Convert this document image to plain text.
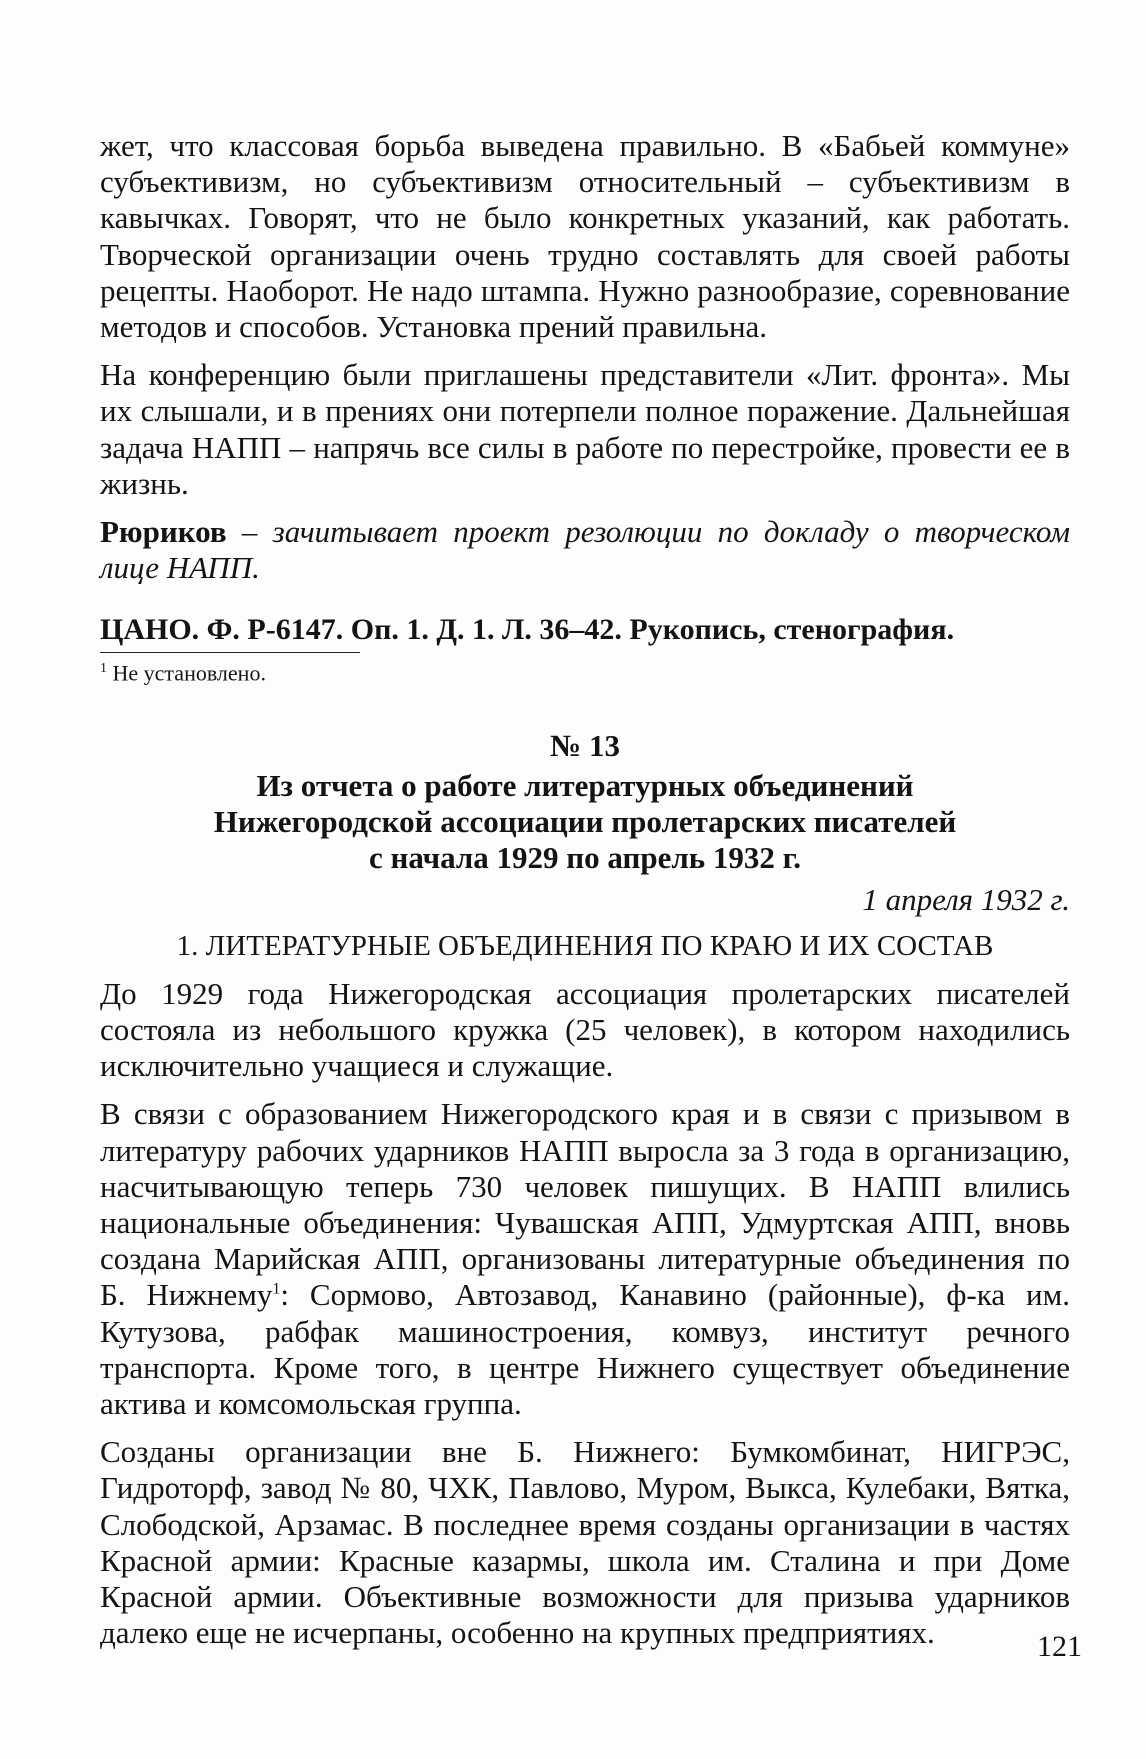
жет, что классовая борьба выведена правильно. В «Бабьей коммуне» субъективизм, но субъективизм относительный – субъективизм в кавычках. Говорят, что не было конкретных указаний, как работать. Творческой организации очень трудно составлять для своей работы рецепты. Наоборот. Не надо штампа. Нужно разнообразие, соревнование методов и способов. Установка прений правильна.

На конференцию были приглашены представители «Лит. фронта». Мы их слышали, и в прениях они потерпели полное поражение. Дальнейшая задача НАПП – напрячь все силы в работе по перестройке, провести ее в жизнь.

Рюриков – зачитывает проект резолюции по докладу о творческом лице НАПП.

ЦАНО. Ф. Р-6147. Оп. 1. Д. 1. Л. 36–42. Рукопись, стенография.

$^1$ Не установлено.

№ 13

Из отчета о работе литературных объединений

Нижегородской ассоциации пролетарских писателей

с начала 1929 по апрель 1932 г.

1 апреля 1932 г.

1. ЛИТЕРАТУРНЫЕ ОБЪЕДИНЕНИЯ ПО КРАЮ И ИХ СОСТАВ

До 1929 года Нижегородская ассоциация пролетарских писателей состояла из небольшого кружка (25 человек), в котором находились исключительно учащиеся и служащие.

В связи с образованием Нижегородского края и в связи с призывом в литературу рабочих ударников НАПП выросла за 3 года в организацию, насчитывающую теперь 730 человек пишущих. В НАПП влились национальные объединения: Чувашская АПП, Удмуртская АПП, вновь создана Марийская АПП, организованы литературные объединения по Б. Нижнему$^1$: Сормово, Автозавод, Канавино (районные), ф-ка им. Кутузова, рабфак машиностроения, комвуз, институт речного транспорта. Кроме того, в центре Нижнего существует объединение актива и комсомольская группа.

Созданы организации вне Б. Нижнего: Бумкомбинат, НИГРЭС, Гидроторф, завод № 80, ЧХК, Павлово, Муром, Выкса, Кулебаки, Вятка, Слободской, Арзамас. В последнее время созданы организации в частях Красной армии: Красные казармы, школа им. Сталина и при Доме Красной армии. Объективные возможности для призыва ударников далеко еще не исчерпаны, особенно на крупных предприятиях.	121
